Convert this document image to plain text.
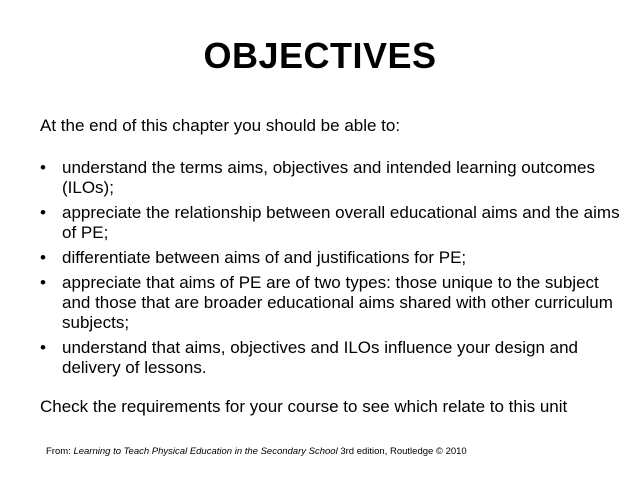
OBJECTIVES

At the end of this chapter you should be able to:

• understand the terms aims, objectives and intended learning outcomes (ILOs);
• appreciate the relationship between overall educational aims and the aims of PE;
• differentiate between aims of and justifications for PE;
• appreciate that aims of PE are of two types: those unique to the subject and those that are broader educational aims shared with other curriculum subjects;
• understand that aims, objectives and ILOs influence your design and delivery of lessons.

Check the requirements for your course to see which relate to this unit

From: Learning to Teach Physical Education in the Secondary School 3rd edition, Routledge © 2010
